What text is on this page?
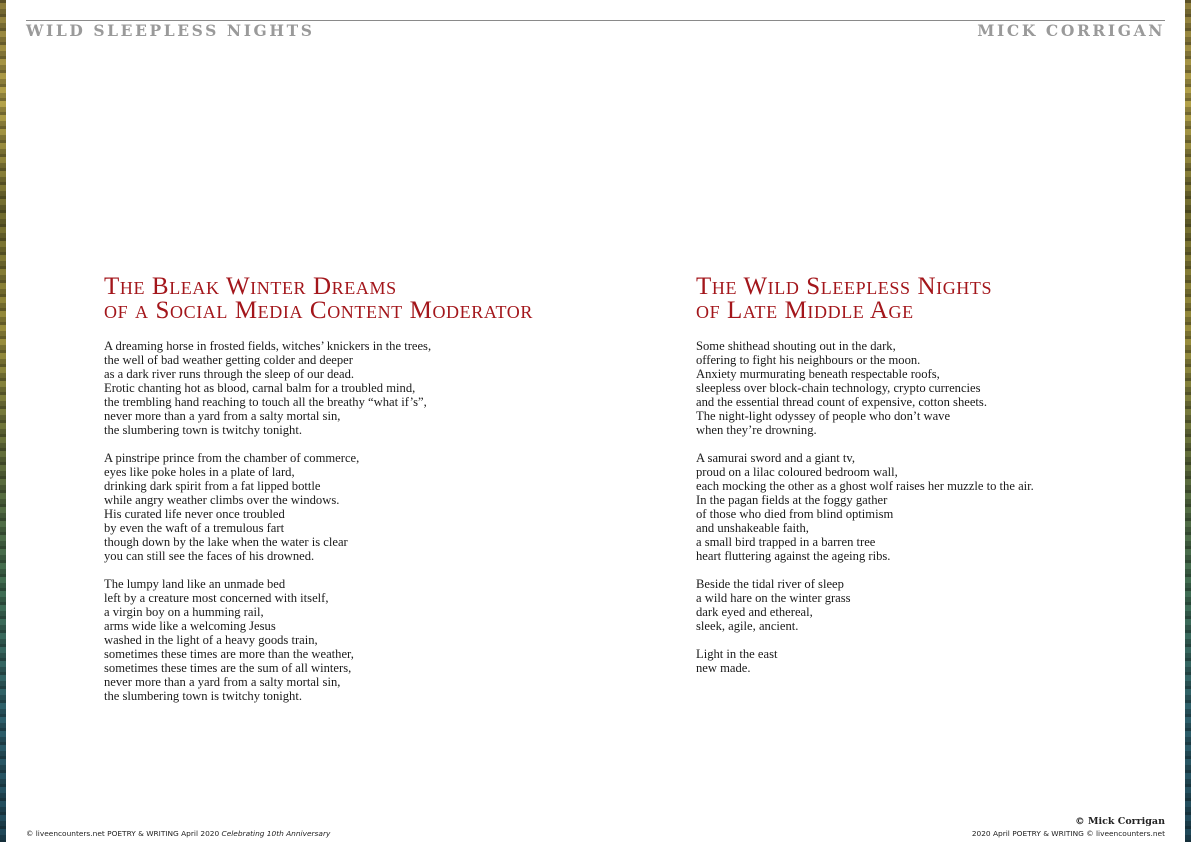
WILD SLEEPLESS NIGHTS	MICK CORRIGAN
The Bleak Winter Dreams
of a Social Media Content Moderator

A dreaming horse in frosted fields, witches’ knickers in the trees,
the well of bad weather getting colder and deeper
as a dark river runs through the sleep of our dead.
Erotic chanting hot as blood, carnal balm for a troubled mind,
the trembling hand reaching to touch all the breathy “what if’s”,
never more than a yard from a salty mortal sin,
the slumbering town is twitchy tonight.

A pinstripe prince from the chamber of commerce,
eyes like poke holes in a plate of lard,
drinking dark spirit from a fat lipped bottle
while angry weather climbs over the windows.
His curated life never once troubled
by even the waft of a tremulous fart
though down by the lake when the water is clear
you can still see the faces of his drowned.

The lumpy land like an unmade bed
left by a creature most concerned with itself,
a virgin boy on a humming rail,
arms wide like a welcoming Jesus
washed in the light of a heavy goods train,
sometimes these times are more than the weather,
sometimes these times are the sum of all winters,
never more than a yard from a salty mortal sin,
the slumbering town is twitchy tonight.

The Wild Sleepless Nights
of Late Middle Age

Some shithead shouting out in the dark,
offering to fight his neighbours or the moon.
Anxiety murmurating beneath respectable roofs,
sleepless over block-chain technology, crypto currencies
and the essential thread count of expensive, cotton sheets.
The night-light odyssey of people who don’t wave
when they’re drowning.

A samurai sword and a giant tv,
proud on a lilac coloured bedroom wall,
each mocking the other as a ghost wolf raises her muzzle to the air.
In the pagan fields at the foggy gather
of those who died from blind optimism
and unshakeable faith,
a small bird trapped in a barren tree
heart fluttering against the ageing ribs.

Beside the tidal river of sleep
a wild hare on the winter grass
dark eyed and ethereal,
sleek, agile, ancient.

Light in the east
new made.

© liveencounters.net POETRY & WRITING April 2020 Celebrating 10th Anniversary
© Mick Corrigan
2020 April POETRY & WRITING © liveencounters.net
